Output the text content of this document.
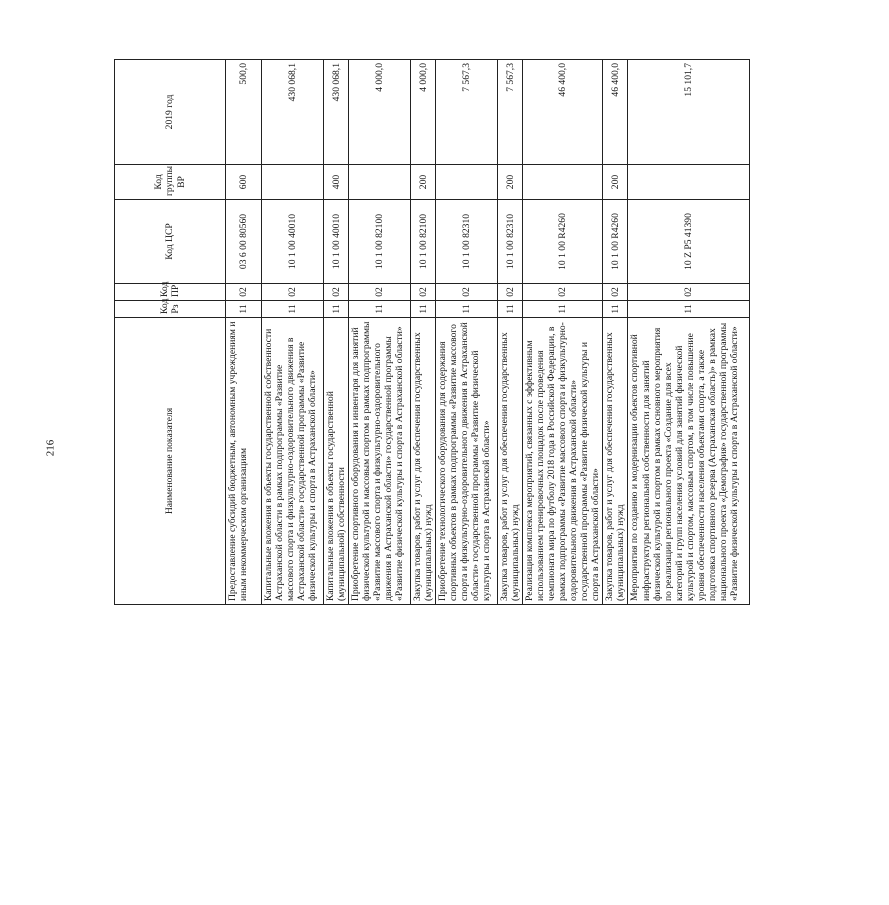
216	Наименование показателя	Код Рз	Код ПР	Код ЦСР	Код группы ВР	2019 год
Предоставление субсидий бюджетным, автономным учреждениям и иным некоммерческим организациям	11	02	03 6 00 80560	600	500,0
Капитальные вложения в объекты государственной собственности Астраханской области в рамках подпрограммы «Развитие массового спорта и физкультурно-оздоровительного движения в Астраханской области» государственной программы «Развитие физической культуры и спорта в Астраханской области»	11	02	10 1 00 40010		430 068,1
Капитальные вложения в объекты государственной (муниципальной) собственности	11	02	10 1 00 40010	400	430 068,1
Приобретение спортивного оборудования и инвентаря для занятий физической культурой и массовым спортом в рамках подпрограммы «Развитие массового спорта и физкультурно-оздоровительного движения в Астраханской области» государственной программы «Развитие физической культуры и спорта в Астраханской области»	11	02	10 1 00 82100		4 000,0
Закупка товаров, работ и услуг для обеспечения государственных (муниципальных) нужд	11	02	10 1 00 82100	200	4 000,0
Приобретение технологического оборудования для содержания спортивных объектов в рамках подпрограммы «Развитие массового спорта и физкультурно-оздоровительного движения в Астраханской области» государственной программы «Развитие физической культуры и спорта в Астраханской области»	11	02	10 1 00 82310		7 567,3
Закупка товаров, работ и услуг для обеспечения государственных (муниципальных) нужд	11	02	10 1 00 82310	200	7 567,3
Реализация комплекса мероприятий, связанных с эффективным использованием тренировочных площадок после проведения чемпионата мира по футболу 2018 года в Российской Федерации, в рамках подпрограммы «Развитие массового спорта и физкультурно-оздоровительного движения в Астраханской области» государственной программы «Развитие физической культуры и спорта в Астраханской области»	11	02	10 1 00 R4260		46 400,0
Закупка товаров, работ и услуг для обеспечения государственных (муниципальных) нужд	11	02	10 1 00 R4260	200	46 400,0
Мероприятия по созданию и модернизации объектов спортивной инфраструктуры региональной собственности для занятий физической культурой и спортом в рамках основного мероприятия по реализации регионального проекта «Создание для всех категорий и групп населения условий для занятий физической культурой и спортом, массовым спортом, в том числе повышение уровня обеспеченности населения объектами спорта, а также подготовка спортивного резерва (Астраханская область)» в рамках национального проекта «Демография» государственной программы «Развитие физической культуры и спорта в Астраханской области»	11	02	10 Z P5 41390		15 101,7
